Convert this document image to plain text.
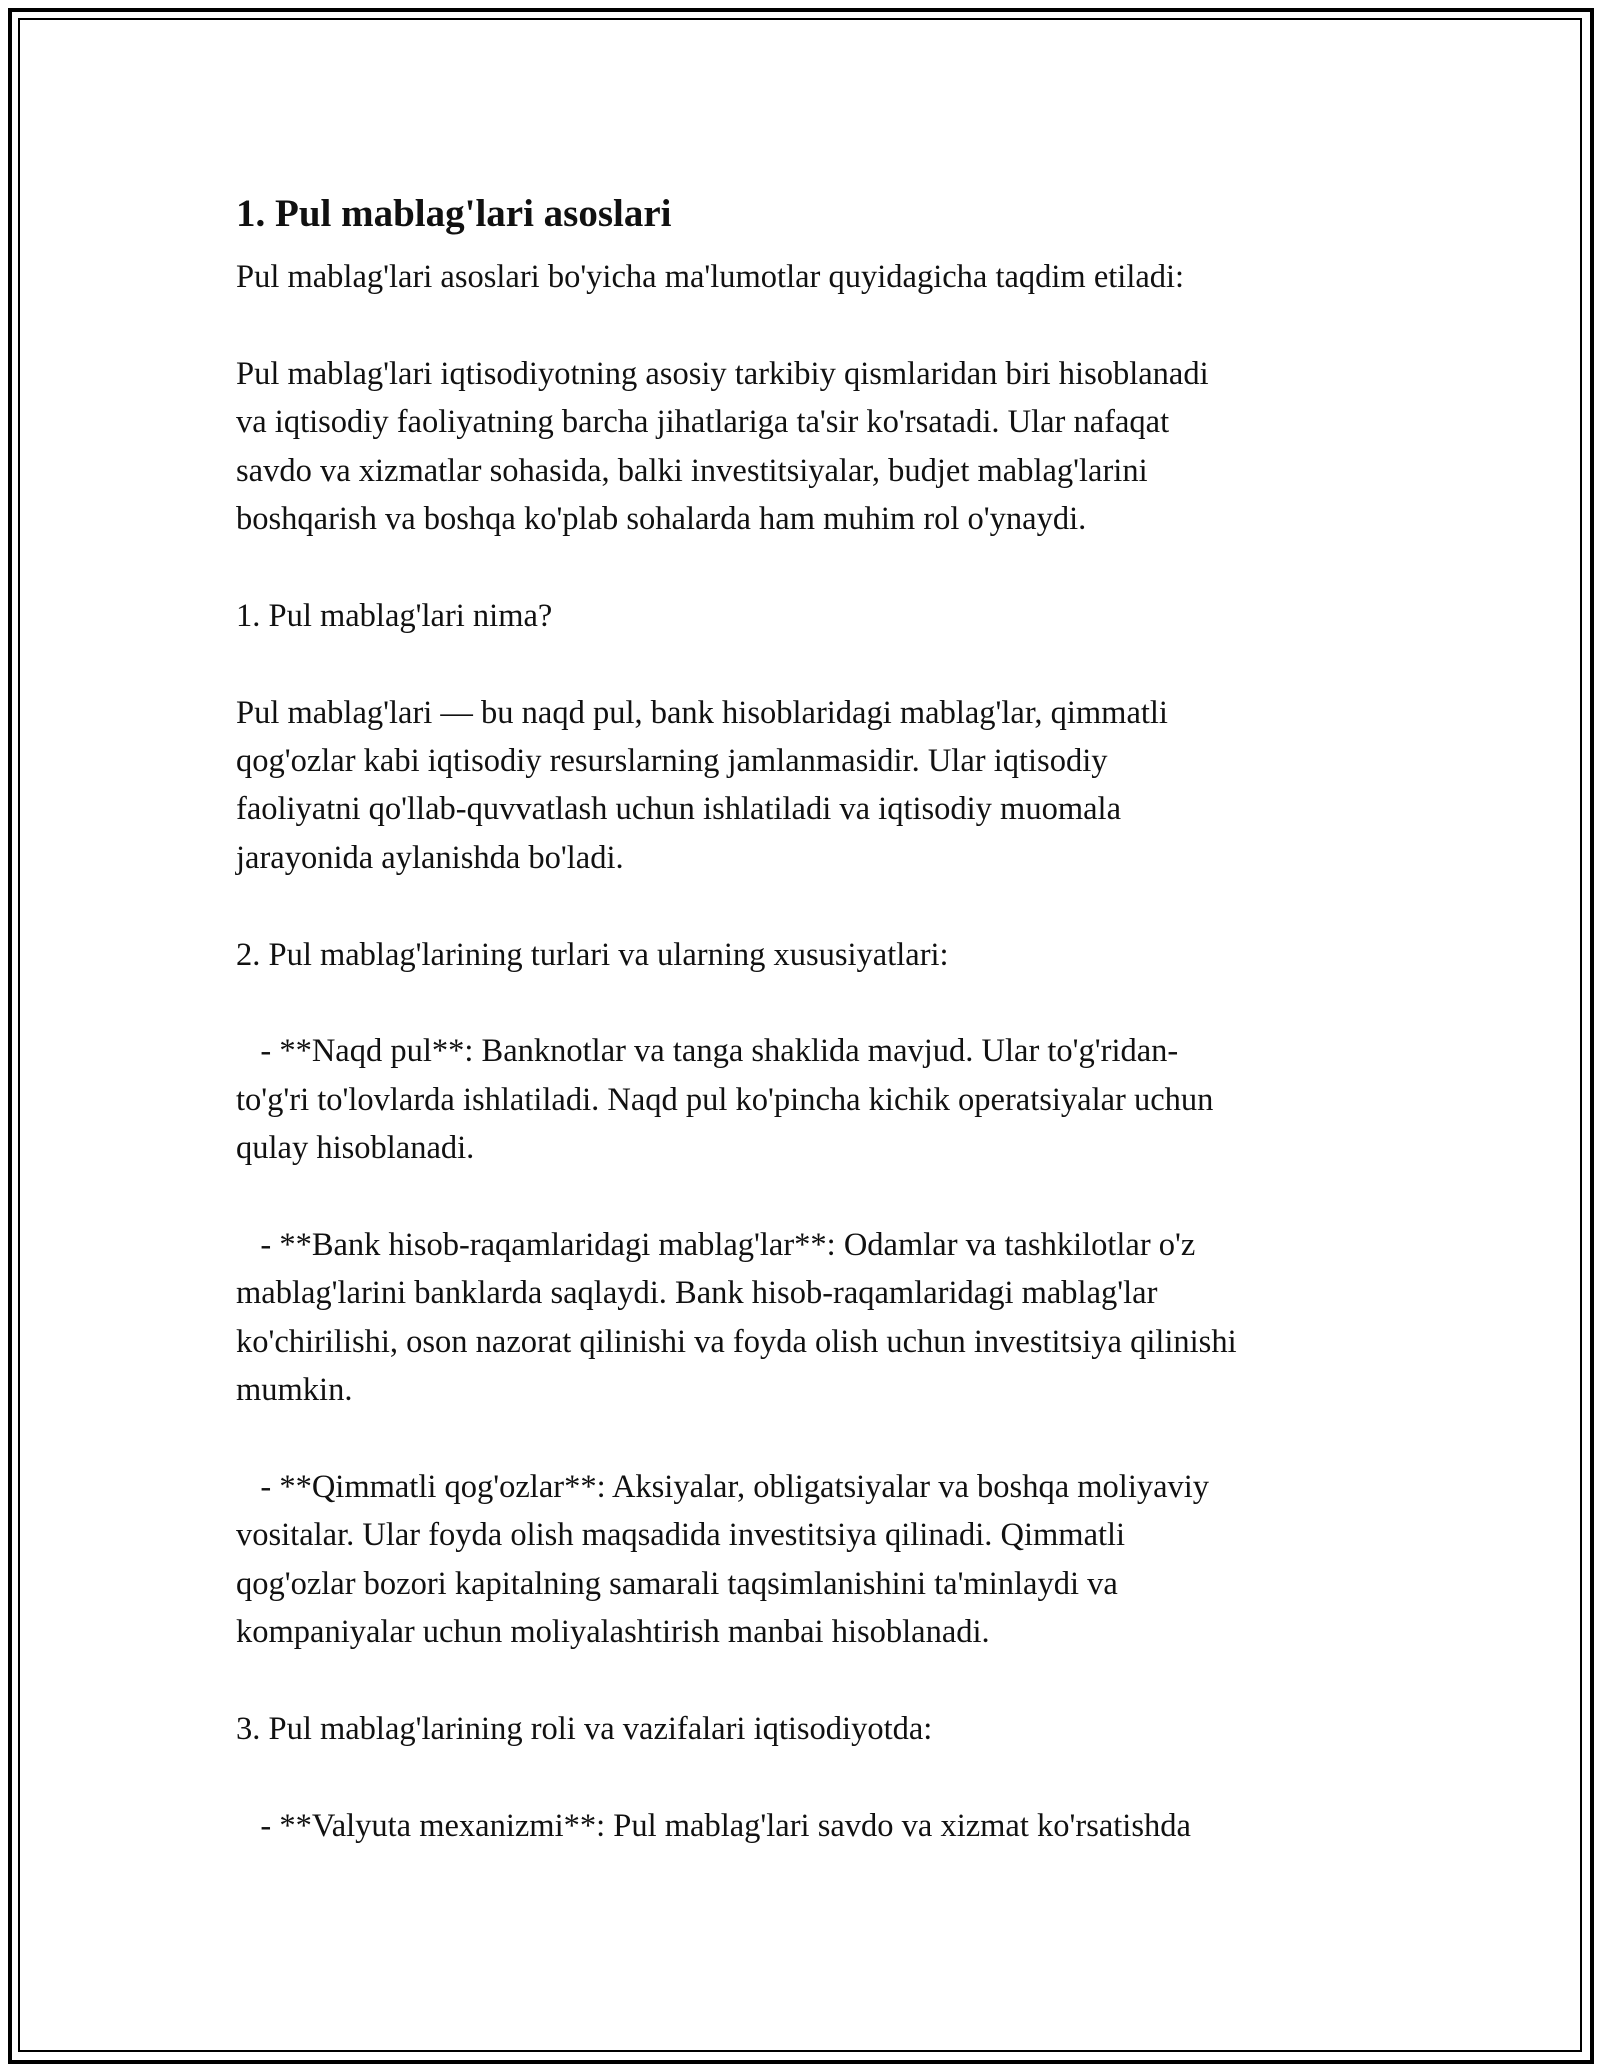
1. Pul mablag'lari asoslari
Pul mablag'lari asoslari bo'yicha ma'lumotlar quyidagicha taqdim etiladi:
Pul mablag'lari iqtisodiyotning asosiy tarkibiy qismlaridan biri hisoblanadi
va iqtisodiy faoliyatning barcha jihatlariga ta'sir ko'rsatadi. Ular nafaqat
savdo va xizmatlar sohasida, balki investitsiyalar, budjet mablag'larini
boshqarish va boshqa ko'plab sohalarda ham muhim rol o'ynaydi.
1. Pul mablag'lari nima?
Pul mablag'lari — bu naqd pul, bank hisoblaridagi mablag'lar, qimmatli
qog'ozlar kabi iqtisodiy resurslarning jamlanmasidir. Ular iqtisodiy
faoliyatni qo'llab-quvvatlash uchun ishlatiladi va iqtisodiy muomala
jarayonida aylanishda bo'ladi.
2. Pul mablag'larining turlari va ularning xususiyatlari:
- **Naqd pul**: Banknotlar va tanga shaklida mavjud. Ular to'g'ridan-
to'g'ri to'lovlarda ishlatiladi. Naqd pul ko'pincha kichik operatsiyalar uchun
qulay hisoblanadi.
- **Bank hisob-raqamlaridagi mablag'lar**: Odamlar va tashkilotlar o'z
mablag'larini banklarda saqlaydi. Bank hisob-raqamlaridagi mablag'lar
ko'chirilishi, oson nazorat qilinishi va foyda olish uchun investitsiya qilinishi
mumkin.
- **Qimmatli qog'ozlar**: Aksiyalar, obligatsiyalar va boshqa moliyaviy
vositalar. Ular foyda olish maqsadida investitsiya qilinadi. Qimmatli
qog'ozlar bozori kapitalning samarali taqsimlanishini ta'minlaydi va
kompaniyalar uchun moliyalashtirish manbai hisoblanadi.
3. Pul mablag'larining roli va vazifalari iqtisodiyotda:
- **Valyuta mexanizmi**: Pul mablag'lari savdo va xizmat ko'rsatishda
